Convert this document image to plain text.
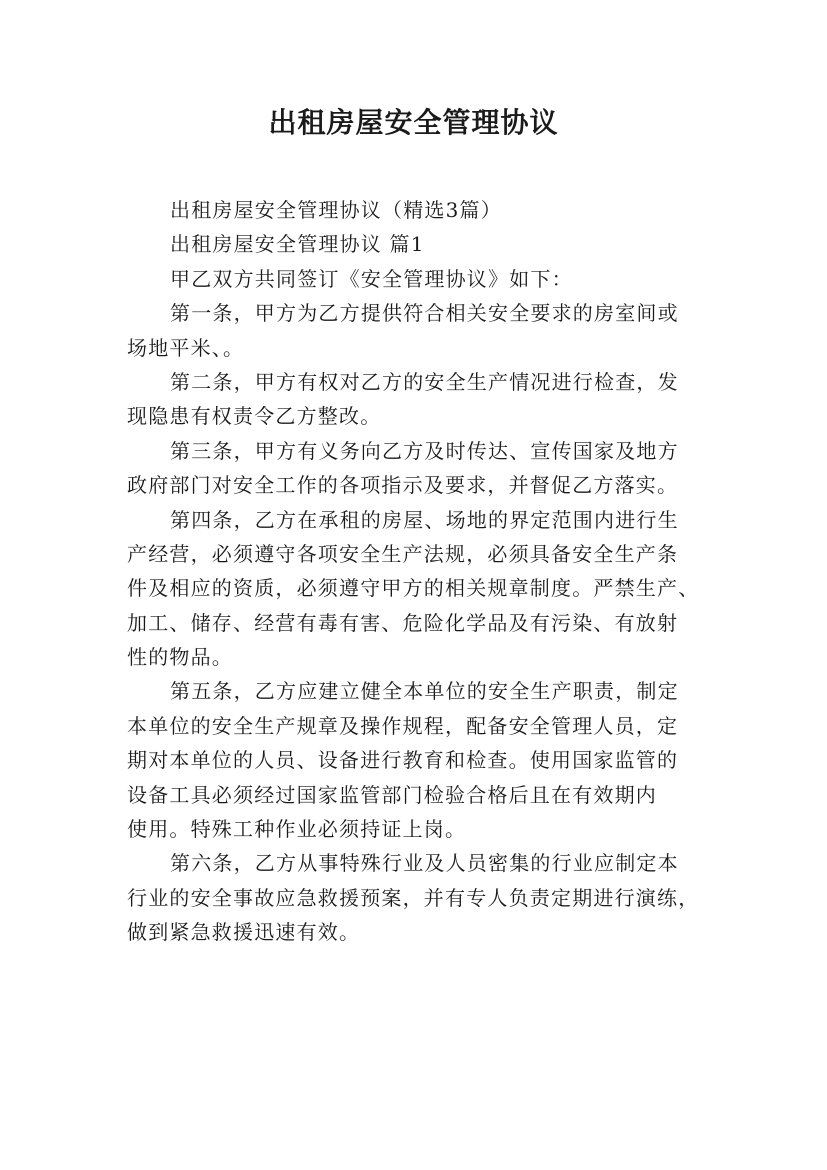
出租房屋安全管理协议
出租房屋安全管理协议（精选3篇）
出租房屋安全管理协议 篇1
甲乙双方共同签订《安全管理协议》如下：
第一条，甲方为乙方提供符合相关安全要求的房室间或
场地平米、。
第二条，甲方有权对乙方的安全生产情况进行检查，发
现隐患有权责令乙方整改。
第三条，甲方有义务向乙方及时传达、宣传国家及地方
政府部门对安全工作的各项指示及要求，并督促乙方落实。
第四条，乙方在承租的房屋、场地的界定范围内进行生
产经营，必须遵守各项安全生产法规，必须具备安全生产条
件及相应的资质，必须遵守甲方的相关规章制度。严禁生产、
加工、储存、经营有毒有害、危险化学品及有污染、有放射
性的物品。
第五条，乙方应建立健全本单位的安全生产职责，制定
本单位的安全生产规章及操作规程，配备安全管理人员，定
期对本单位的人员、设备进行教育和检查。使用国家监管的
设备工具必须经过国家监管部门检验合格后且在有效期内
使用。特殊工种作业必须持证上岗。
第六条，乙方从事特殊行业及人员密集的行业应制定本
行业的安全事故应急救援预案，并有专人负责定期进行演练，
做到紧急救援迅速有效。
